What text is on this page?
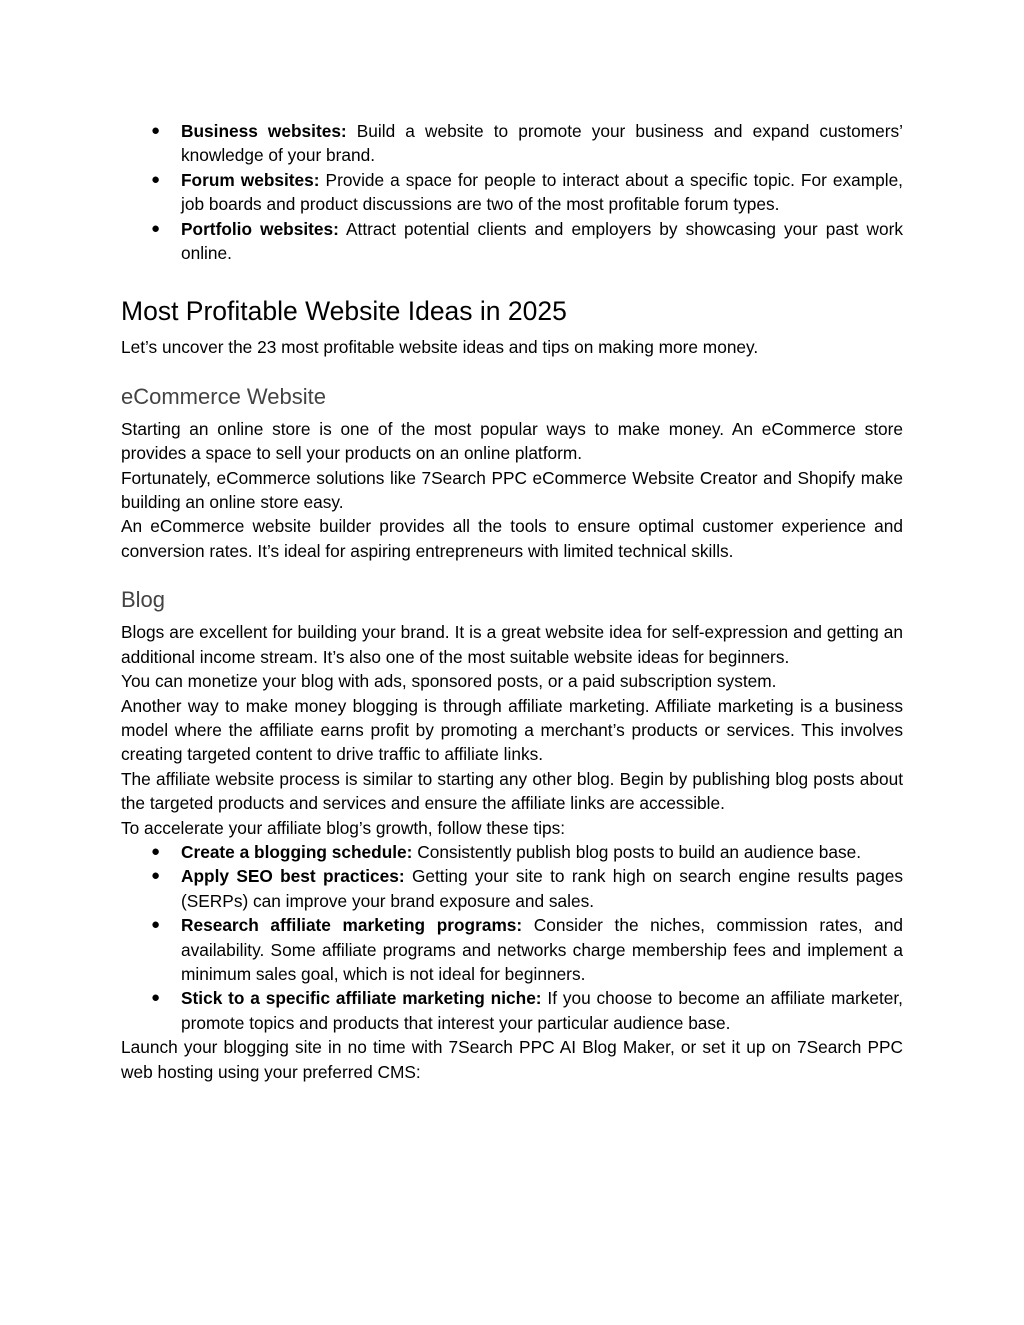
● Business websites: Build a website to promote your business and expand customers’ knowledge of your brand.
● Forum websites: Provide a space for people to interact about a specific topic. For example, job boards and product discussions are two of the most profitable forum types.
● Portfolio websites: Attract potential clients and employers by showcasing your past work online.
Most Profitable Website Ideas in 2025

Let’s uncover the 23 most profitable website ideas and tips on making more money.

eCommerce Website

Starting an online store is one of the most popular ways to make money. An eCommerce store provides a space to sell your products on an online platform.

Fortunately, eCommerce solutions like 7Search PPC eCommerce Website Creator and Shopify make building an online store easy.

An eCommerce website builder provides all the tools to ensure optimal customer experience and conversion rates. It’s ideal for aspiring entrepreneurs with limited technical skills.

Blog

Blogs are excellent for building your brand. It is a great website idea for self-expression and getting an additional income stream. It’s also one of the most suitable website ideas for beginners.

You can monetize your blog with ads, sponsored posts, or a paid subscription system.

Another way to make money blogging is through affiliate marketing. Affiliate marketing is a business model where the affiliate earns profit by promoting a merchant’s products or services. This involves creating targeted content to drive traffic to affiliate links.

The affiliate website process is similar to starting any other blog. Begin by publishing blog posts about the targeted products and services and ensure the affiliate links are accessible.

To accelerate your affiliate blog’s growth, follow these tips:

● Create a blogging schedule: Consistently publish blog posts to build an audience base.
● Apply SEO best practices: Getting your site to rank high on search engine results pages (SERPs) can improve your brand exposure and sales.
● Research affiliate marketing programs: Consider the niches, commission rates, and availability. Some affiliate programs and networks charge membership fees and implement a minimum sales goal, which is not ideal for beginners.
● Stick to a specific affiliate marketing niche: If you choose to become an affiliate marketer, promote topics and products that interest your particular audience base.

Launch your blogging site in no time with 7Search PPC AI Blog Maker, or set it up on 7Search PPC web hosting using your preferred CMS:
